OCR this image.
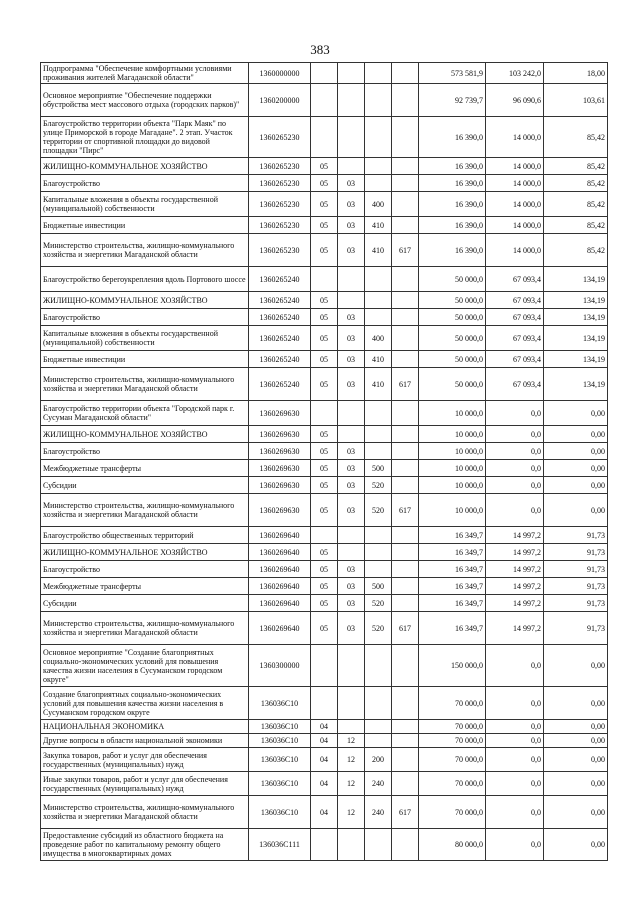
383
Подпрограмма "Обеспечение комфортными условиями проживания жителей Магаданской области"	1360000000					573 581,9	103 242,0	18,00
Основное мероприятие "Обеспечение поддержки обустройства мест массового отдыха (городских парков)"	1360200000					92 739,7	96 090,6	103,61
Благоустройство территории объекта "Парк Маяк" по улице Приморской в городе Магадане". 2 этап. Участок территории от спортивной площадки до видовой площадки "Пирс"	1360265230					16 390,0	14 000,0	85,42
ЖИЛИЩНО-КОММУНАЛЬНОЕ ХОЗЯЙСТВО	1360265230	05				16 390,0	14 000,0	85,42
Благоустройство	1360265230	05	03			16 390,0	14 000,0	85,42
Капитальные вложения в объекты государственной (муниципальной) собственности	1360265230	05	03	400		16 390,0	14 000,0	85,42
Бюджетные инвестиции	1360265230	05	03	410		16 390,0	14 000,0	85,42
Министерство строительства, жилищно-коммунального хозяйства и энергетики Магаданской области	1360265230	05	03	410	617	16 390,0	14 000,0	85,42
Благоустройство берегоукрепления вдоль Портового шоссе	1360265240					50 000,0	67 093,4	134,19
ЖИЛИЩНО-КОММУНАЛЬНОЕ ХОЗЯЙСТВО	1360265240	05				50 000,0	67 093,4	134,19
Благоустройство	1360265240	05	03			50 000,0	67 093,4	134,19
Капитальные вложения в объекты государственной (муниципальной) собственности	1360265240	05	03	400		50 000,0	67 093,4	134,19
Бюджетные инвестиции	1360265240	05	03	410		50 000,0	67 093,4	134,19
Министерство строительства, жилищно-коммунального хозяйства и энергетики Магаданской области	1360265240	05	03	410	617	50 000,0	67 093,4	134,19
Благоустройство территории объекта "Городской парк г. Сусуман Магаданской области"	1360269630					10 000,0	0,0	0,00
ЖИЛИЩНО-КОММУНАЛЬНОЕ ХОЗЯЙСТВО	1360269630	05				10 000,0	0,0	0,00
Благоустройство	1360269630	05	03			10 000,0	0,0	0,00
Межбюджетные трансферты	1360269630	05	03	500		10 000,0	0,0	0,00
Субсидии	1360269630	05	03	520		10 000,0	0,0	0,00
Министерство строительства, жилищно-коммунального хозяйства и энергетики Магаданской области	1360269630	05	03	520	617	10 000,0	0,0	0,00
Благоустройство общественных территорий	1360269640					16 349,7	14 997,2	91,73
ЖИЛИЩНО-КОММУНАЛЬНОЕ ХОЗЯЙСТВО	1360269640	05				16 349,7	14 997,2	91,73
Благоустройство	1360269640	05	03			16 349,7	14 997,2	91,73
Межбюджетные трансферты	1360269640	05	03	500		16 349,7	14 997,2	91,73
Субсидии	1360269640	05	03	520		16 349,7	14 997,2	91,73
Министерство строительства, жилищно-коммунального хозяйства и энергетики Магаданской области	1360269640	05	03	520	617	16 349,7	14 997,2	91,73
Основное мероприятие "Создание благоприятных социально-экономических условий для повышения качества жизни населения в Сусуманском городском округе"	1360300000					150 000,0	0,0	0,00
Создание благоприятных социально-экономических условий для повышения качества жизни населения в Сусуманском городском округе	136036C10					70 000,0	0,0	0,00
НАЦИОНАЛЬНАЯ ЭКОНОМИКА	136036C10	04				70 000,0	0,0	0,00
Другие вопросы в области национальной экономики	136036C10	04	12			70 000,0	0,0	0,00
Закупка товаров, работ и услуг для обеспечения государственных (муниципальных) нужд	136036C10	04	12	200		70 000,0	0,0	0,00
Иные закупки товаров, работ и услуг для обеспечения государственных (муниципальных) нужд	136036C10	04	12	240		70 000,0	0,0	0,00
Министерство строительства, жилищно-коммунального хозяйства и энергетики Магаданской области	136036C10	04	12	240	617	70 000,0	0,0	0,00
Предоставление субсидий из областного бюджета на проведение работ по капитальному ремонту общего имущества в многоквартирных домах	136036C111					80 000,0	0,0	0,00
